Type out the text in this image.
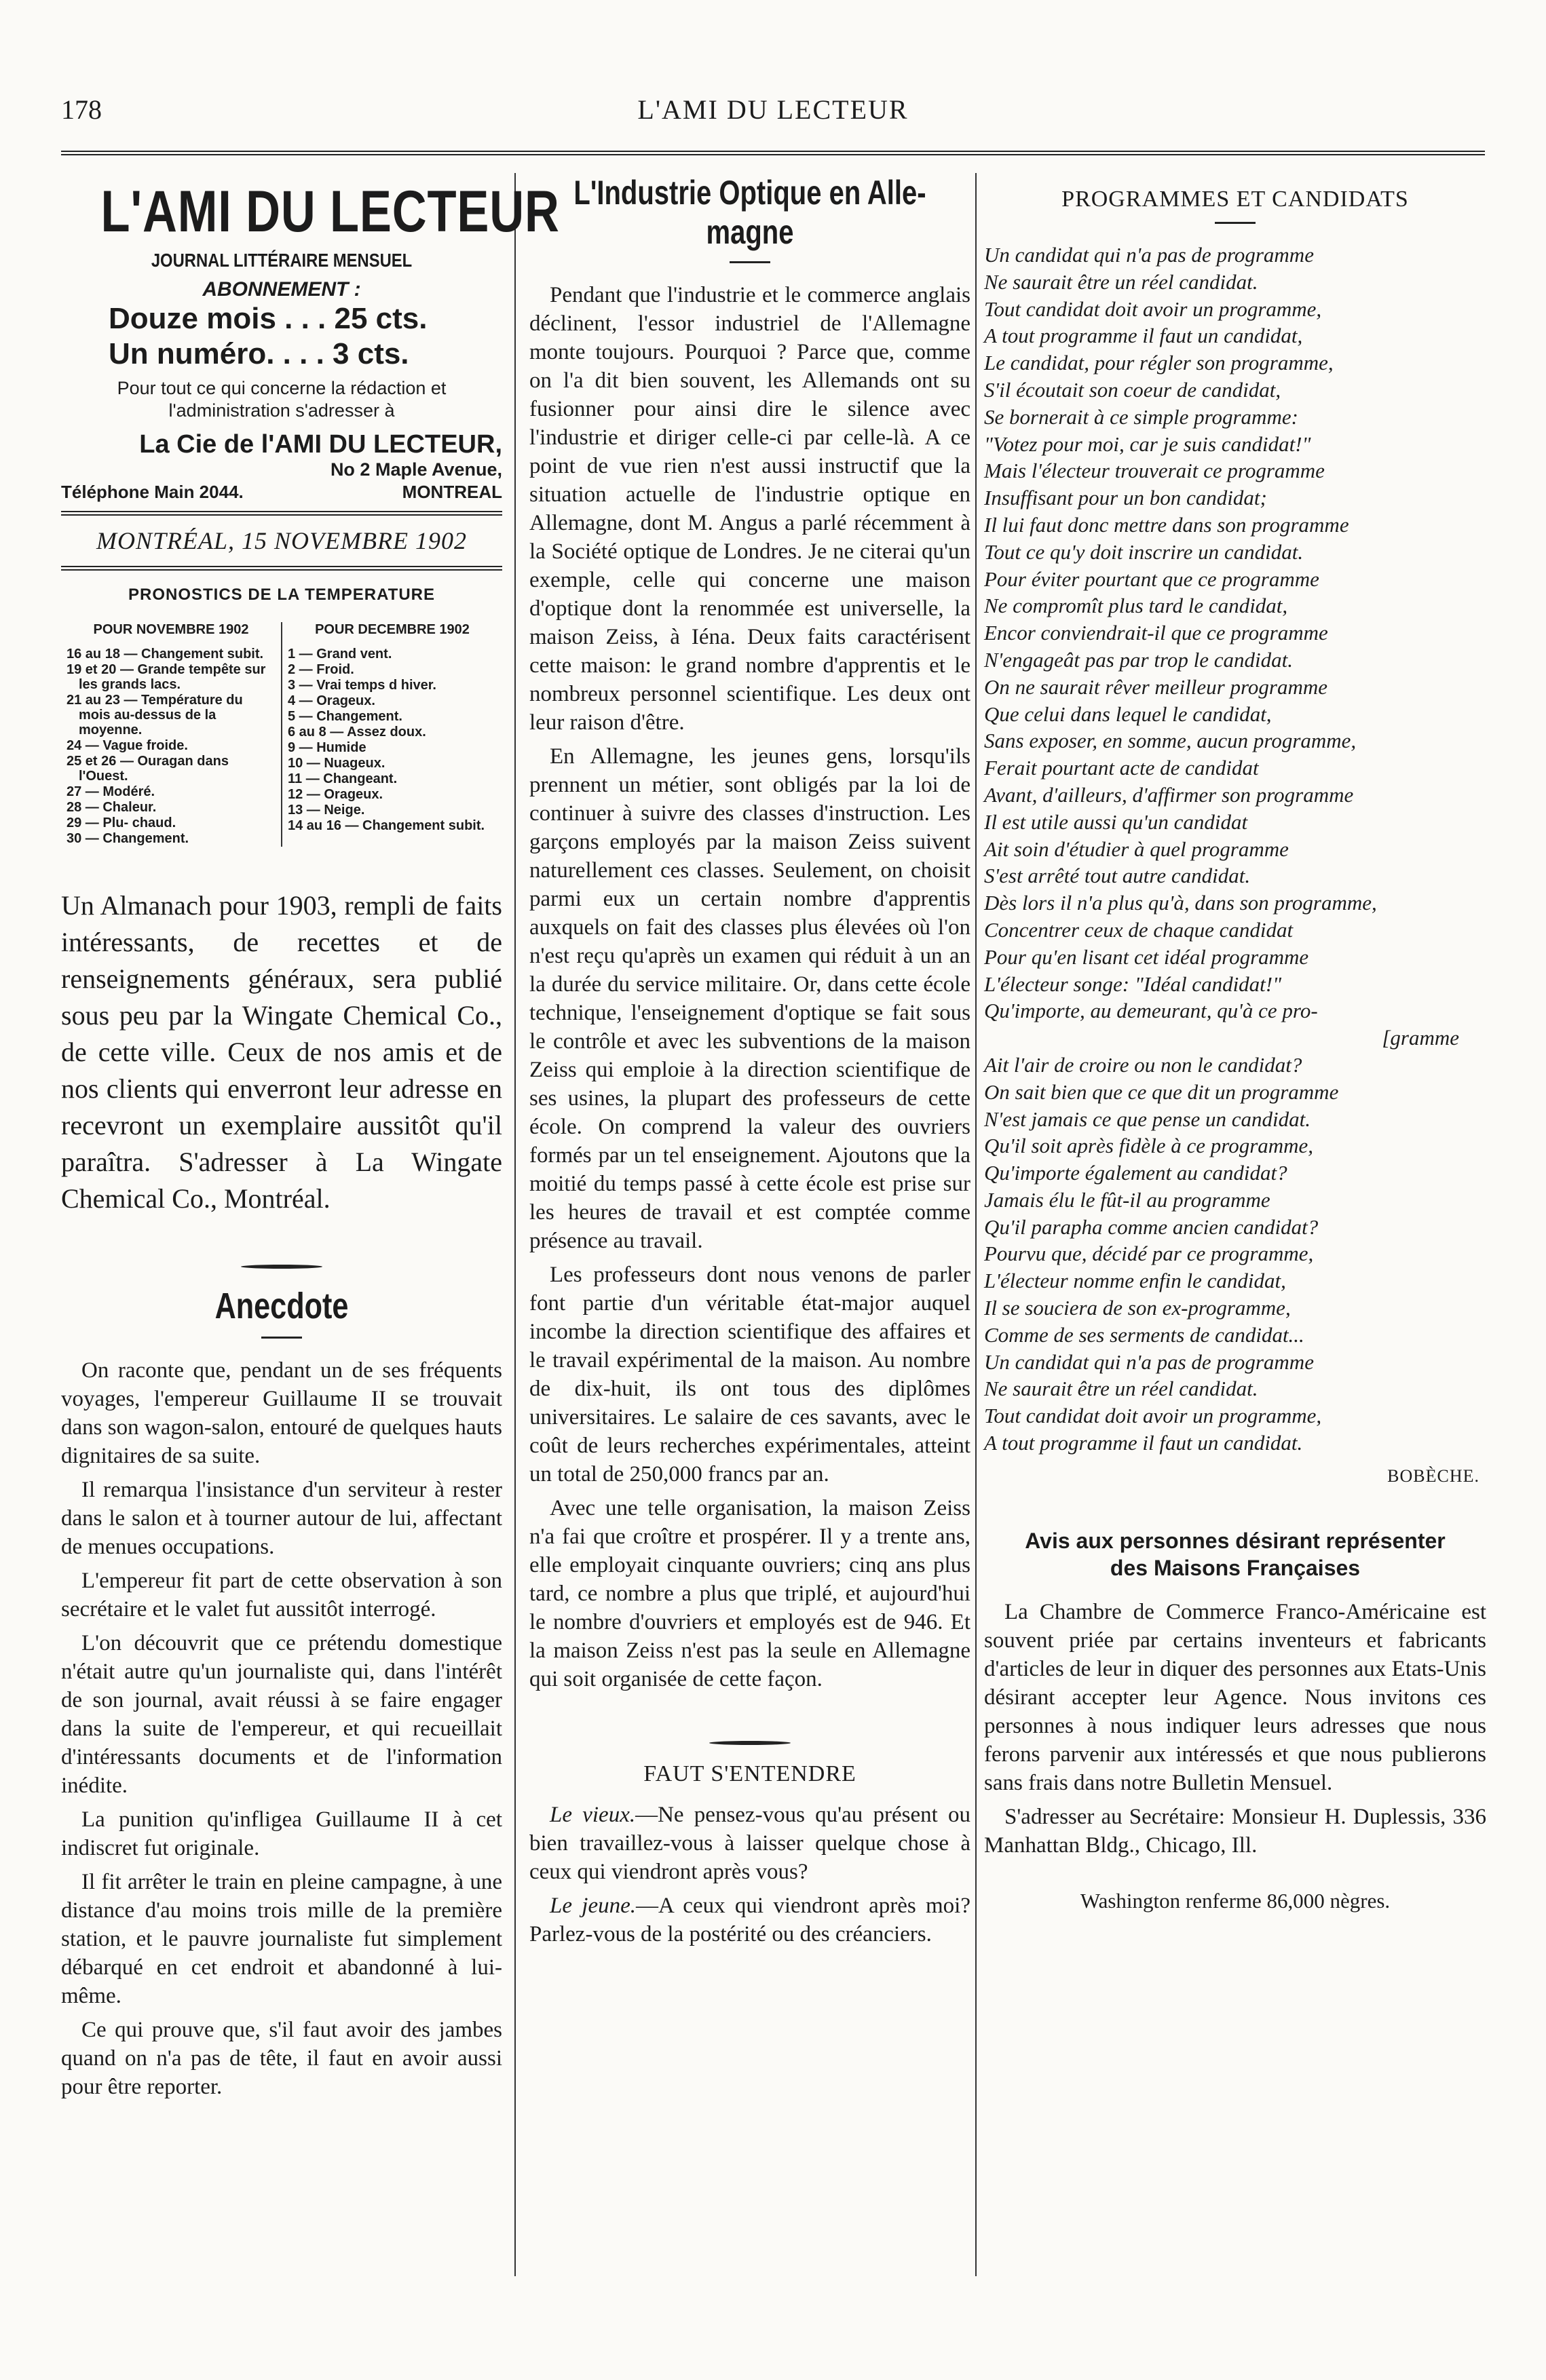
178	L'AMI DU LECTEUR
L'AMI DU LECTEUR
JOURNAL LITTÉRAIRE MENSUEL
ABONNEMENT :
Douze mois . . . 25 cts.
Un numéro. . . . 3 cts.
Pour tout ce qui concerne la rédaction et l'administration s'adresser à
La Cie de l'AMI DU LECTEUR,
No 2 Maple Avenue,
Téléphone Main 2044.	MONTREAL
MONTRÉAL, 15 NOVEMBRE 1902
PRONOSTICS DE LA TEMPERATURE
POUR NOVEMBRE 1902
16 au 18 — Changement subit.
19 et 20 — Grande tempête sur les grands lacs.
21 au 23 — Température du mois au-dessus de la moyenne.
24 — Vague froide.
25 et 26 — Ouragan dans l'Ouest.
27 — Modéré.
28 — Chaleur.
29 — Plu- chaud.
30 — Changement.
POUR DECEMBRE 1902
1 — Grand vent.
2 — Froid.
3 — Vrai temps d hiver.
4 — Orageux.
5 — Changement.
6 au 8 — Assez doux.
9 — Humide
10 — Nuageux.
11 — Changeant.
12 — Orageux.
13 — Neige.
14 au 16 — Changement subit.

Un Almanach pour 1903, rempli de faits intéressants, de recettes et de renseignements généraux, sera publié sous peu par la Wingate Chemical Co., de cette ville. Ceux de nos amis et de nos clients qui enverront leur adresse en recevront un exemplaire aussitôt qu'il paraîtra. S'adresser à La Wingate Chemical Co., Montréal.

Anecdote

On raconte que, pendant un de ses fréquents voyages, l'empereur Guillaume II se trouvait dans son wagon-salon, entouré de quelques hauts dignitaires de sa suite.

Il remarqua l'insistance d'un serviteur à rester dans le salon et à tourner autour de lui, affectant de menues occupations.

L'empereur fit part de cette observation à son secrétaire et le valet fut aussitôt interrogé.

L'on découvrit que ce prétendu domestique n'était autre qu'un journaliste qui, dans l'intérêt de son journal, avait réussi à se faire engager dans la suite de l'empereur, et qui recueillait d'intéressants documents et de l'information inédite.

La punition qu'infligea Guillaume II à cet indiscret fut originale.

Il fit arrêter le train en pleine campagne, à une distance d'au moins trois mille de la première station, et le pauvre journaliste fut simplement débarqué en cet endroit et abandonné à lui-même.

Ce qui prouve que, s'il faut avoir des jambes quand on n'a pas de tête, il faut en avoir aussi pour être reporter.

L'Industrie Optique en Alle-
magne

Pendant que l'industrie et le commerce anglais déclinent, l'essor industriel de l'Allemagne monte toujours. Pourquoi ? Parce que, comme on l'a dit bien souvent, les Allemands ont su fusionner pour ainsi dire le silence avec l'industrie et diriger celle-ci par celle-là. A ce point de vue rien n'est aussi instructif que la situation actuelle de l'industrie optique en Allemagne, dont M. Angus a parlé récemment à la Société optique de Londres. Je ne citerai qu'un exemple, celle qui concerne une maison d'optique dont la renommée est universelle, la maison Zeiss, à Iéna. Deux faits caractérisent cette maison: le grand nombre d'apprentis et le nombreux personnel scientifique. Les deux ont leur raison d'être.

En Allemagne, les jeunes gens, lorsqu'ils prennent un métier, sont obligés par la loi de continuer à suivre des classes d'instruction. Les garçons employés par la maison Zeiss suivent naturellement ces classes. Seulement, on choisit parmi eux un certain nombre d'apprentis auxquels on fait des classes plus élevées où l'on n'est reçu qu'après un examen qui réduit à un an la durée du service militaire. Or, dans cette école technique, l'enseignement d'optique se fait sous le contrôle et avec les subventions de la maison Zeiss qui emploie à la direction scientifique de ses usines, la plupart des professeurs de cette école. On comprend la valeur des ouvriers formés par un tel enseignement. Ajoutons que la moitié du temps passé à cette école est prise sur les heures de travail et est comptée comme présence au travail.

Les professeurs dont nous venons de parler font partie d'un véritable état-major auquel incombe la direction scientifique des affaires et le travail expérimental de la maison. Au nombre de dix-huit, ils ont tous des diplômes universitaires. Le salaire de ces savants, avec le coût de leurs recherches expérimentales, atteint un total de 250,000 francs par an.

Avec une telle organisation, la maison Zeiss n'a fai que croître et prospérer. Il y a trente ans, elle employait cinquante ouvriers; cinq ans plus tard, ce nombre a plus que triplé, et aujourd'hui le nombre d'ouvriers et employés est de 946. Et la maison Zeiss n'est pas la seule en Allemagne qui soit organisée de cette façon.

FAUT S'ENTENDRE

Le vieux.—Ne pensez-vous qu'au présent ou bien travaillez-vous à laisser quelque chose à ceux qui viendront après vous?

Le jeune.—A ceux qui viendront après moi? Parlez-vous de la postérité ou des créanciers.

PROGRAMMES ET CANDIDATS
Un candidat qui n'a pas de programme
Ne saurait être un réel candidat.
Tout candidat doit avoir un programme,
A tout programme il faut un candidat,
Le candidat, pour régler son programme,
S'il écoutait son coeur de candidat,
Se bornerait à ce simple programme:
"Votez pour moi, car je suis candidat!"
Mais l'électeur trouverait ce programme
Insuffisant pour un bon candidat;
Il lui faut donc mettre dans son programme
Tout ce qu'y doit inscrire un candidat.
Pour éviter pourtant que ce programme
Ne compromît plus tard le candidat,
Encor conviendrait-il que ce programme
N'engageât pas par trop le candidat.
On ne saurait rêver meilleur programme
Que celui dans lequel le candidat,
Sans exposer, en somme, aucun programme,
Ferait pourtant acte de candidat
Avant, d'ailleurs, d'affirmer son programme
Il est utile aussi qu'un candidat
Ait soin d'étudier à quel programme
S'est arrêté tout autre candidat.
Dès lors il n'a plus qu'à, dans son programme,
Concentrer ceux de chaque candidat
Pour qu'en lisant cet idéal programme
L'électeur songe: "Idéal candidat!"
Qu'importe, au demeurant, qu'à ce pro-
[gramme
Ait l'air de croire ou non le candidat?
On sait bien que ce que dit un programme
N'est jamais ce que pense un candidat.
Qu'il soit après fidèle à ce programme,
Qu'importe également au candidat?
Jamais élu le fût-il au programme
Qu'il parapha comme ancien candidat?
Pourvu que, décidé par ce programme,
L'électeur nomme enfin le candidat,
Il se souciera de son ex-programme,
Comme de ses serments de candidat...
Un candidat qui n'a pas de programme
Ne saurait être un réel candidat.
Tout candidat doit avoir un programme,
A tout programme il faut un candidat.
BOBÈCHE.
Avis aux personnes désirant représenter
des Maisons Françaises

La Chambre de Commerce Franco-Américaine est souvent priée par certains inventeurs et fabricants d'articles de leur in diquer des personnes aux Etats-Unis désirant accepter leur Agence. Nous invitons ces personnes à nous indiquer leurs adresses que nous ferons parvenir aux intéressés et que nous publierons sans frais dans notre Bulletin Mensuel.

S'adresser au Secrétaire: Monsieur H. Duplessis, 336 Manhattan Bldg., Chicago, Ill.

Washington renferme 86,000 nègres.
